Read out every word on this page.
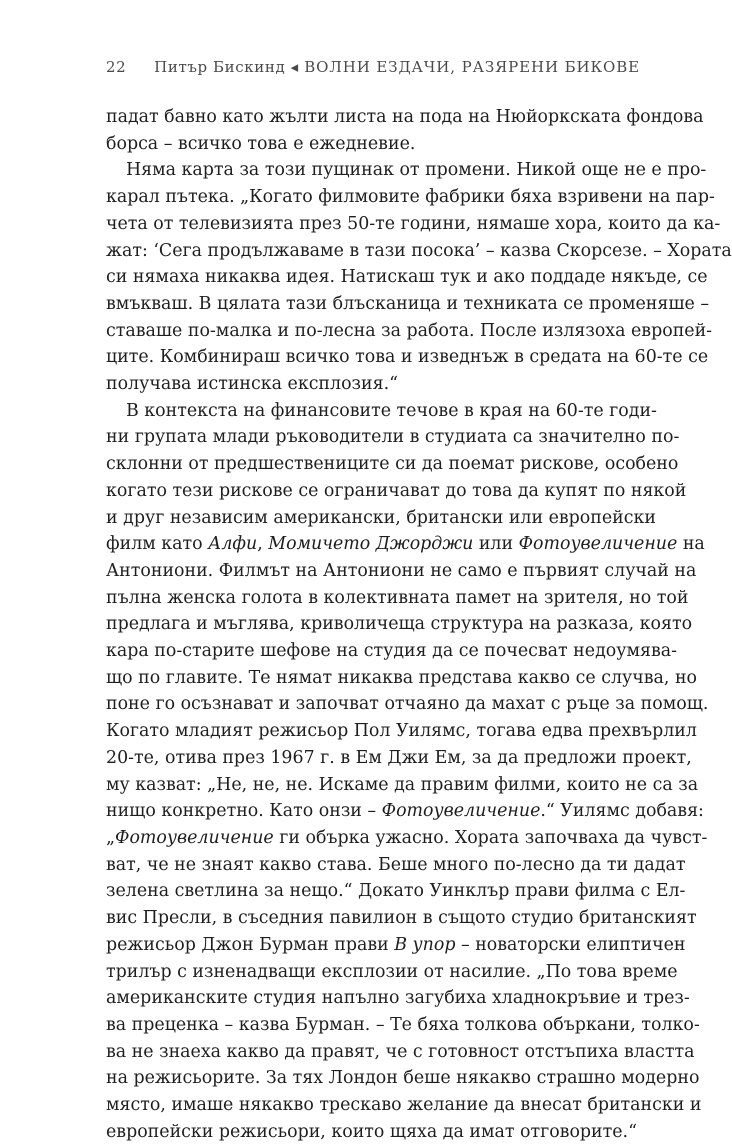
22 Питър Бискинд ◂ ВОЛНИ ЕЗДАЧИ, РАЗЯРЕНИ БИКОВЕ
падат бавно като жълти листа на пода на Нюйоркската фондова
борса – всичко това е ежедневие.
Няма карта за този пущинак от промени. Никой още не е про-
карал пътека. „Когато филмовите фабрики бяха взривени на пар-
чета от телевизията през 50-те години, нямаше хора, които да ка-
жат: ‘Сега продължаваме в тази посока’ – казва Скорсезе. – Хората
си нямаха никаква идея. Натискаш тук и ако поддаде някъде, се
вмъкваш. В цялата тази блъсканица и техниката се променяше –
ставаше по-малка и по-лесна за работа. После излязоха европей-
ците. Комбинираш всичко това и изведнъж в средата на 60-те се
получава истинска експлозия.“
В контекста на финансовите течове в края на 60-те годи-
ни групата млади ръководители в студиата са значително по-
склонни от предшествениците си да поемат рискове, особено
когато тези рискове се ограничават до това да купят по някой
и друг независим американски, британски или европейски
филм като Алфи, Момичето Джорджи или Фотоувеличение на
Антониони. Филмът на Антониони не само е първият случай на
пълна женска голота в колективната памет на зрителя, но той
предлага и мъглява, криволичеща структура на разказа, която
кара по-старите шефове на студия да се почесват недоумява-
що по главите. Те нямат никаква представа какво се случва, но
поне го осъзнават и започват отчаяно да махат с ръце за помощ.
Когато младият режисьор Пол Уилямс, тогава едва прехвърлил
20-те, отива през 1967 г. в Ем Джи Ем, за да предложи проект,
му казват: „Не, не, не. Искаме да правим филми, които не са за
нищо конкретно. Като онзи – Фотоувеличение.“ Уилямс добавя:
„Фотоувеличение ги обърка ужасно. Хората започваха да чувст-
ват, че не знаят какво става. Беше много по-лесно да ти дадат
зелена светлина за нещо.“ Докато Уинклър прави филма с Ел-
вис Пресли, в съседния павилион в същото студио британският
режисьор Джон Бурман прави В упор – новаторски елиптичен
трилър с изненадващи експлозии от насилие. „По това време
американските студия напълно загубиха хладнокръвие и трез-
ва преценка – казва Бурман. – Те бяха толкова объркани, толко-
ва не знаеха какво да правят, че с готовност отстъпиха властта
на режисьорите. За тях Лондон беше някакво страшно модерно
място, имаше някакво трескаво желание да внесат британски и
европейски режисьори, които щяха да имат отговорите.“
